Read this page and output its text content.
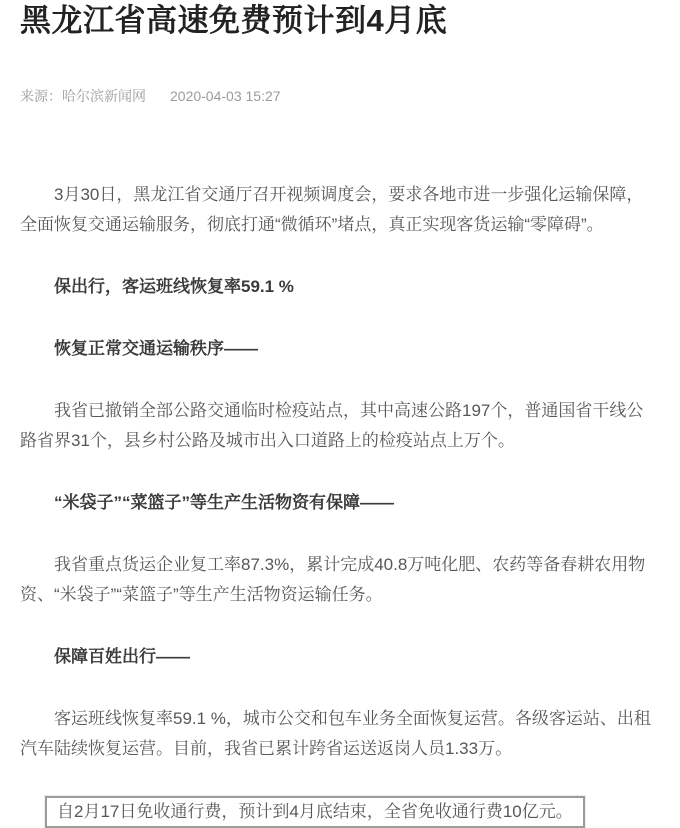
黑龙江省高速免费预计到4月底
来源：哈尔滨新闻网 2020-04-03 15:27

3月30日，黑龙江省交通厅召开视频调度会，要求各地市进一步强化运输保障，全面恢复交通运输服务，彻底打通“微循环”堵点，真正实现客货运输“零障碍”。

保出行，客运班线恢复率59.1 %

恢复正常交通运输秩序——

我省已撤销全部公路交通临时检疫站点，其中高速公路197个，普通国省干线公路省界31个，县乡村公路及城市出入口道路上的检疫站点上万个。

“米袋子”“菜篮子”等生产生活物资有保障——

我省重点货运企业复工率87.3%，累计完成40.8万吨化肥、农药等备春耕农用物资、“米袋子”“菜篮子”等生产生活物资运输任务。

保障百姓出行——

客运班线恢复率59.1 %，城市公交和包车业务全面恢复运营。各级客运站、出租汽车陆续恢复运营。目前，我省已累计跨省运送返岗人员1.33万。

自2月17日免收通行费，预计到4月底结束，全省免收通行费10亿元。
